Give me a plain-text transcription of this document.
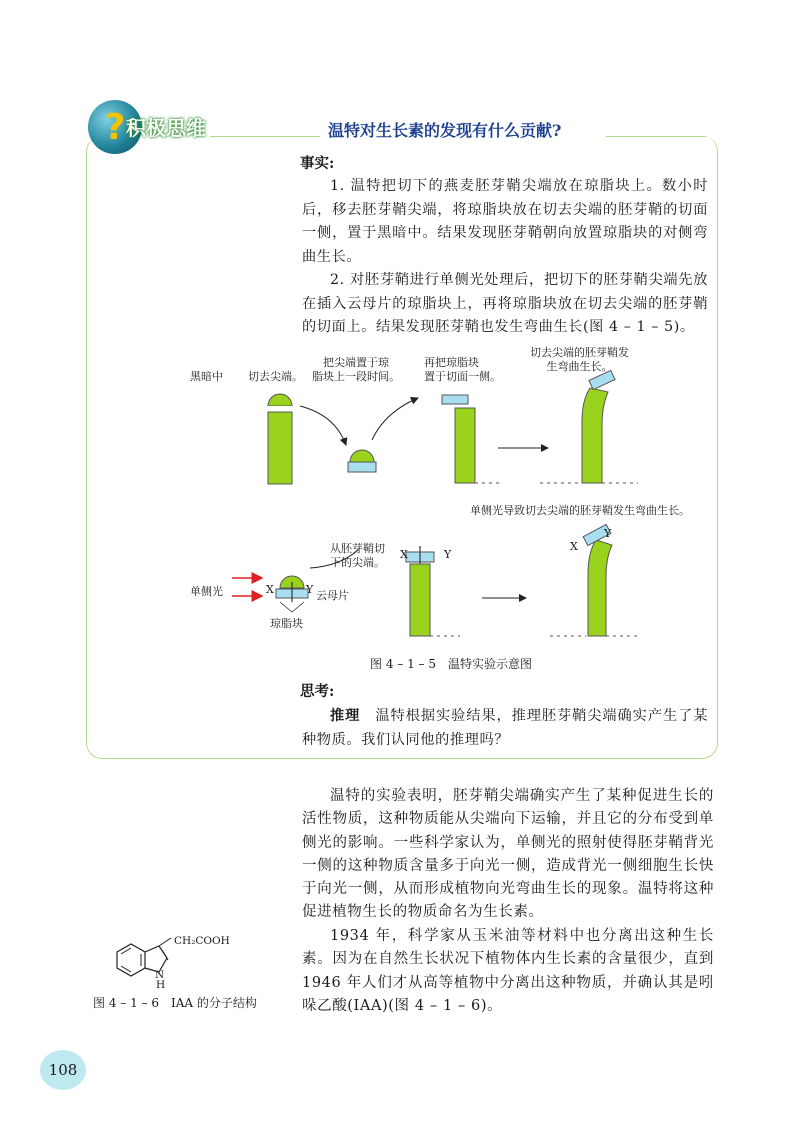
? 积极思维	温特对生长素的发现有什么贡献?
事实:
1. 温特把切下的燕麦胚芽鞘尖端放在琼脂块上。数小时后，移去胚芽鞘尖端，将琼脂块放在切去尖端的胚芽鞘的切面一侧，置于黑暗中。结果发现胚芽鞘朝向放置琼脂块的对侧弯曲生长。
2. 对胚芽鞘进行单侧光处理后，把切下的胚芽鞘尖端先放在插入云母片的琼脂块上，再将琼脂块放在切去尖端的胚芽鞘的切面上。结果发现胚芽鞘也发生弯曲生长(图 4 – 1 – 5)。
黑暗中 切去尖端。
把尖端置于琼
脂块上一段时间。
再把琼脂块
置于切面一侧。
切去尖端的胚芽鞘发
生弯曲生长。
单侧光导致切去尖端的胚芽鞘发生弯曲生长。
单侧光
从胚芽鞘切
下的尖端。
X	Y 云母片
琼脂块
X	Y
X
Y
图 4 – 1 – 5　温特实验示意图
思考:
推理　 温特根据实验结果，推理胚芽鞘尖端确实产生了某种物质。我们认同他的推理吗？
温特的实验表明，胚芽鞘尖端确实产生了某种促进生长的活性物质，这种物质能从尖端向下运输，并且它的分布受到单侧光的影响。一些科学家认为，单侧光的照射使得胚芽鞘背光一侧的这种物质含量多于向光一侧，造成背光一侧细胞生长快于向光一侧，从而形成植物向光弯曲生长的现象。温特将这种促进植物生长的物质命名为生长素。
1934 年，科学家从玉米油等材料中也分离出这种生长素。因为在自然生长状况下植物体内生长素的含量很少，直到 1946 年人们才从高等植物中分离出这种物质，并确认其是吲哚乙酸(IAA)(图 4 – 1 – 6)。
CH₂COOH
N
H
图 4 – 1 – 6　IAA 的分子结构
108
